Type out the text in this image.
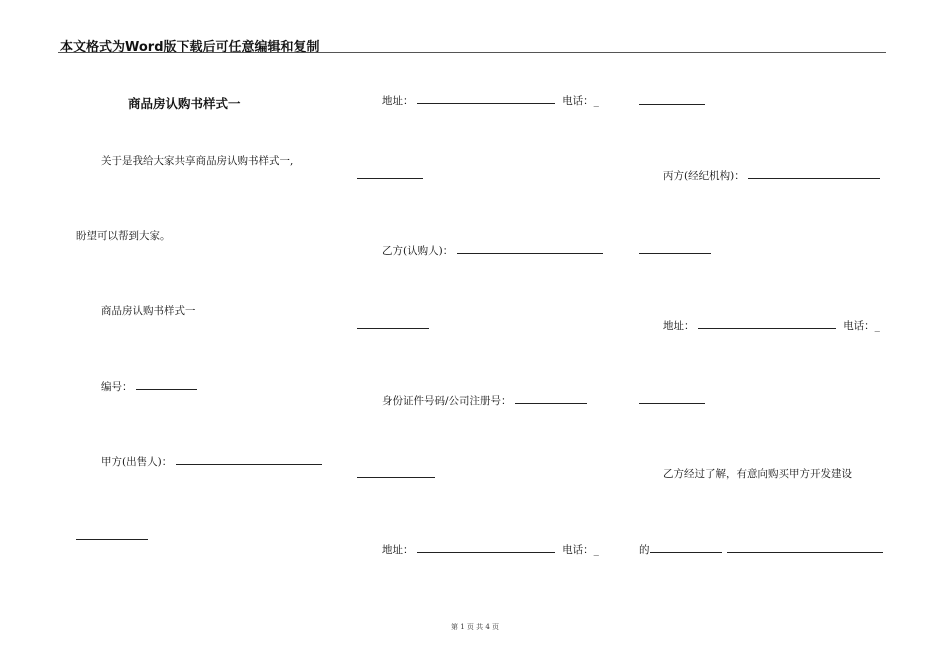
本文格式为Word版下载后可任意编辑和复制
商品房认购书样式一
关于是我给大家共享商品房认购书样式一,
盼望可以帮到大家。
商品房认购书样式一
编号：
甲方(出售人)：
地址：	电话：_
乙方(认购人)：
身份证件号码/公司注册号：
地址：	电话：_
丙方(经纪机构)：
地址：	电话：_
乙方经过了解，有意向购买甲方开发建设
的
第 1 页 共 4 页
